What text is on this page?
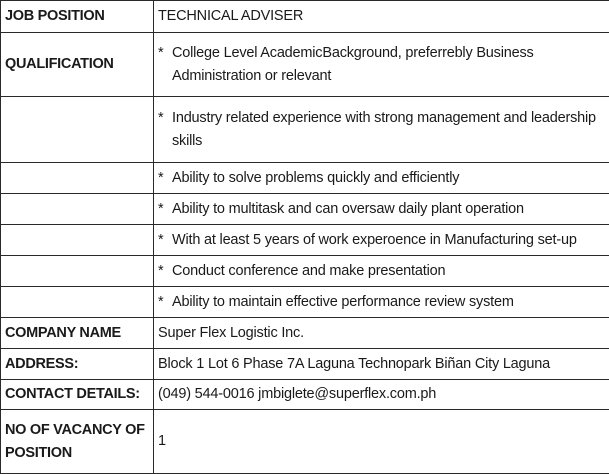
JOB POSITION	TECHNICAL ADVISER
QUALIFICATION	* College Level AcademicBackground, preferrebly Business Administration or relevant

	* Industry related experience with strong management and leadership skills

	* Ability to solve problems quickly and efficiently

	* Ability to multitask and can oversaw daily plant operation

	* With at least 5 years of work experoence in Manufacturing set-up

	* Conduct conference and make presentation

	* Ability to maintain effective performance review system

COMPANY NAME	Super Flex Logistic Inc.
ADDRESS:	Block 1 Lot 6 Phase 7A Laguna Technopark Biñan City Laguna
CONTACT DETAILS:	(049) 544-0016 jmbiglete@superflex.com.ph
NO OF VACANCY OF POSITION	1
